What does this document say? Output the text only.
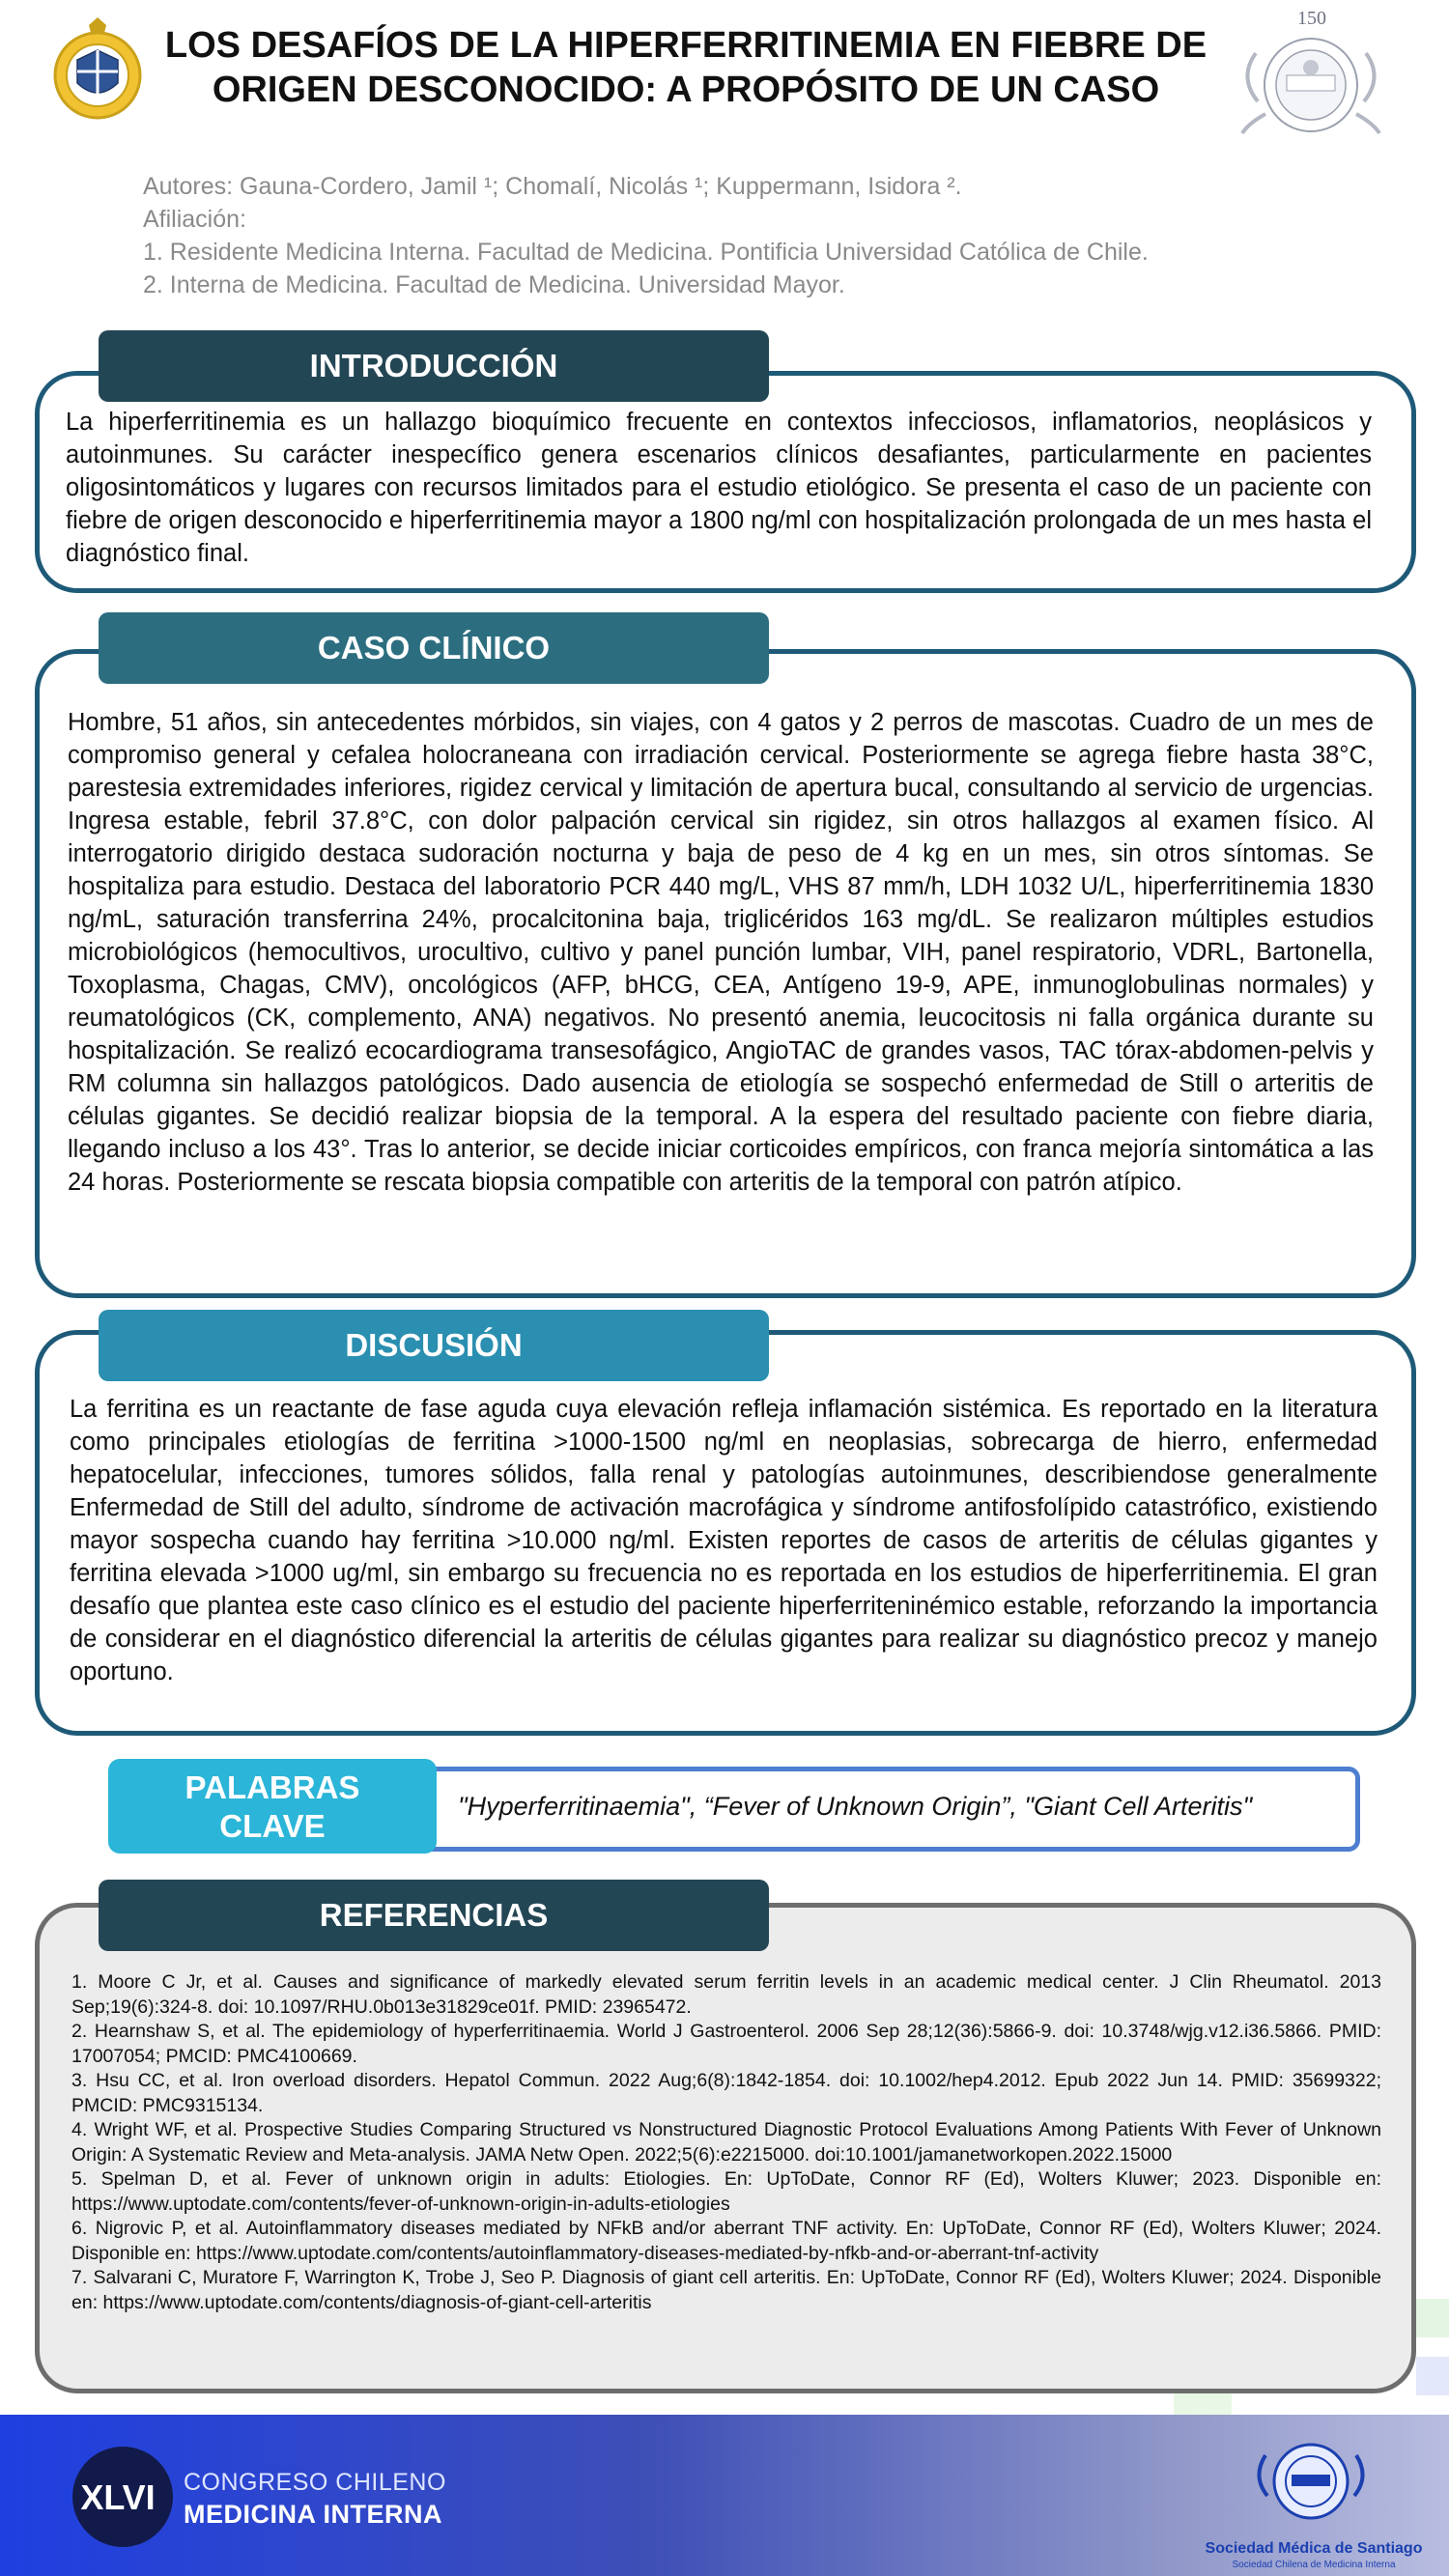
LOS DESAFÍOS DE LA HIPERFERRITINEMIA EN FIEBRE DE ORIGEN DESCONOCIDO: A PROPÓSITO DE UN CASO
150
Autores: Gauna-Cordero, Jamil ¹; Chomalí, Nicolás ¹; Kuppermann, Isidora ².
Afiliación:
1. Residente Medicina Interna. Facultad de Medicina. Pontificia Universidad Católica de Chile.
2. Interna de Medicina. Facultad de Medicina. Universidad Mayor.
INTRODUCCIÓN
La hiperferritinemia es un hallazgo bioquímico frecuente en contextos infecciosos, inflamatorios, neoplásicos y autoinmunes. Su carácter inespecífico genera escenarios clínicos desafiantes, particularmente en pacientes oligosintomáticos y lugares con recursos limitados para el estudio etiológico. Se presenta el caso de un paciente con fiebre de origen desconocido e hiperferritinemia mayor a 1800 ng/ml con hospitalización prolongada de un mes hasta el diagnóstico final.
CASO CLÍNICO
Hombre, 51 años, sin antecedentes mórbidos, sin viajes, con 4 gatos y 2 perros de mascotas. Cuadro de un mes de compromiso general y cefalea holocraneana con irradiación cervical. Posteriormente se agrega fiebre hasta 38°C, parestesia extremidades inferiores, rigidez cervical y limitación de apertura bucal, consultando al servicio de urgencias. Ingresa estable, febril 37.8°C, con dolor palpación cervical sin rigidez, sin otros hallazgos al examen físico. Al interrogatorio dirigido destaca sudoración nocturna y baja de peso de 4 kg en un mes, sin otros síntomas. Se hospitaliza para estudio. Destaca del laboratorio PCR 440 mg/L, VHS 87 mm/h, LDH 1032 U/L, hiperferritinemia 1830 ng/mL, saturación transferrina 24%, procalcitonina baja, triglicéridos 163 mg/dL. Se realizaron múltiples estudios microbiológicos (hemocultivos, urocultivo, cultivo y panel punción lumbar, VIH, panel respiratorio, VDRL, Bartonella, Toxoplasma, Chagas, CMV), oncológicos (AFP, bHCG, CEA, Antígeno 19-9, APE, inmunoglobulinas normales) y reumatológicos (CK, complemento, ANA) negativos. No presentó anemia, leucocitosis ni falla orgánica durante su hospitalización. Se realizó ecocardiograma transesofágico, AngioTAC de grandes vasos, TAC tórax-abdomen-pelvis y RM columna sin hallazgos patológicos. Dado ausencia de etiología se sospechó enfermedad de Still o arteritis de células gigantes. Se decidió realizar biopsia de la temporal. A la espera del resultado paciente con fiebre diaria, llegando incluso a los 43°. Tras lo anterior, se decide iniciar corticoides empíricos, con franca mejoría sintomática a las 24 horas. Posteriormente se rescata biopsia compatible con arteritis de la temporal con patrón atípico.
DISCUSIÓN
La ferritina es un reactante de fase aguda cuya elevación refleja inflamación sistémica. Es reportado en la literatura como principales etiologías de ferritina >1000-1500 ng/ml en neoplasias, sobrecarga de hierro, enfermedad hepatocelular, infecciones, tumores sólidos, falla renal y patologías autoinmunes, describiendose generalmente Enfermedad de Still del adulto, síndrome de activación macrofágica y síndrome antifosfolípido catastrófico, existiendo mayor sospecha cuando hay ferritina >10.000 ng/ml. Existen reportes de casos de arteritis de células gigantes y ferritina elevada >1000 ug/ml, sin embargo su frecuencia no es reportada en los estudios de hiperferritinemia. El gran desafío que plantea este caso clínico es el estudio del paciente hiperferriteninémico estable, reforzando la importancia de considerar en el diagnóstico diferencial la arteritis de células gigantes para realizar su diagnóstico precoz y manejo oportuno.
PALABRAS
CLAVE
"Hyperferritinaemia", “Fever of Unknown Origin”, "Giant Cell Arteritis"
REFERENCIAS
1. Moore C Jr, et al. Causes and significance of markedly elevated serum ferritin levels in an academic medical center. J Clin Rheumatol. 2013 Sep;19(6):324-8. doi: 10.1097/RHU.0b013e31829ce01f. PMID: 23965472.
2. Hearnshaw S, et al. The epidemiology of hyperferritinaemia. World J Gastroenterol. 2006 Sep 28;12(36):5866-9. doi: 10.3748/wjg.v12.i36.5866. PMID: 17007054; PMCID: PMC4100669.
3. Hsu CC, et al. Iron overload disorders. Hepatol Commun. 2022 Aug;6(8):1842-1854. doi: 10.1002/hep4.2012. Epub 2022 Jun 14. PMID: 35699322; PMCID: PMC9315134.
4. Wright WF, et al. Prospective Studies Comparing Structured vs Nonstructured Diagnostic Protocol Evaluations Among Patients With Fever of Unknown Origin: A Systematic Review and Meta-analysis. JAMA Netw Open. 2022;5(6):e2215000. doi:10.1001/jamanetworkopen.2022.15000
5. Spelman D, et al. Fever of unknown origin in adults: Etiologies. En: UpToDate, Connor RF (Ed), Wolters Kluwer; 2023. Disponible en: https://www.uptodate.com/contents/fever-of-unknown-origin-in-adults-etiologies
6. Nigrovic P, et al. Autoinflammatory diseases mediated by NFkB and/or aberrant TNF activity. En: UpToDate, Connor RF (Ed), Wolters Kluwer; 2024. Disponible en: https://www.uptodate.com/contents/autoinflammatory-diseases-mediated-by-nfkb-and-or-aberrant-tnf-activity
7. Salvarani C, Muratore F, Warrington K, Trobe J, Seo P. Diagnosis of giant cell arteritis. En: UpToDate, Connor RF (Ed), Wolters Kluwer; 2024. Disponible en: https://www.uptodate.com/contents/diagnosis-of-giant-cell-arteritis
XLVI CONGRESO CHILENO
MEDICINA INTERNA
Sociedad Médica de Santiago
Sociedad Chilena de Medicina Interna
